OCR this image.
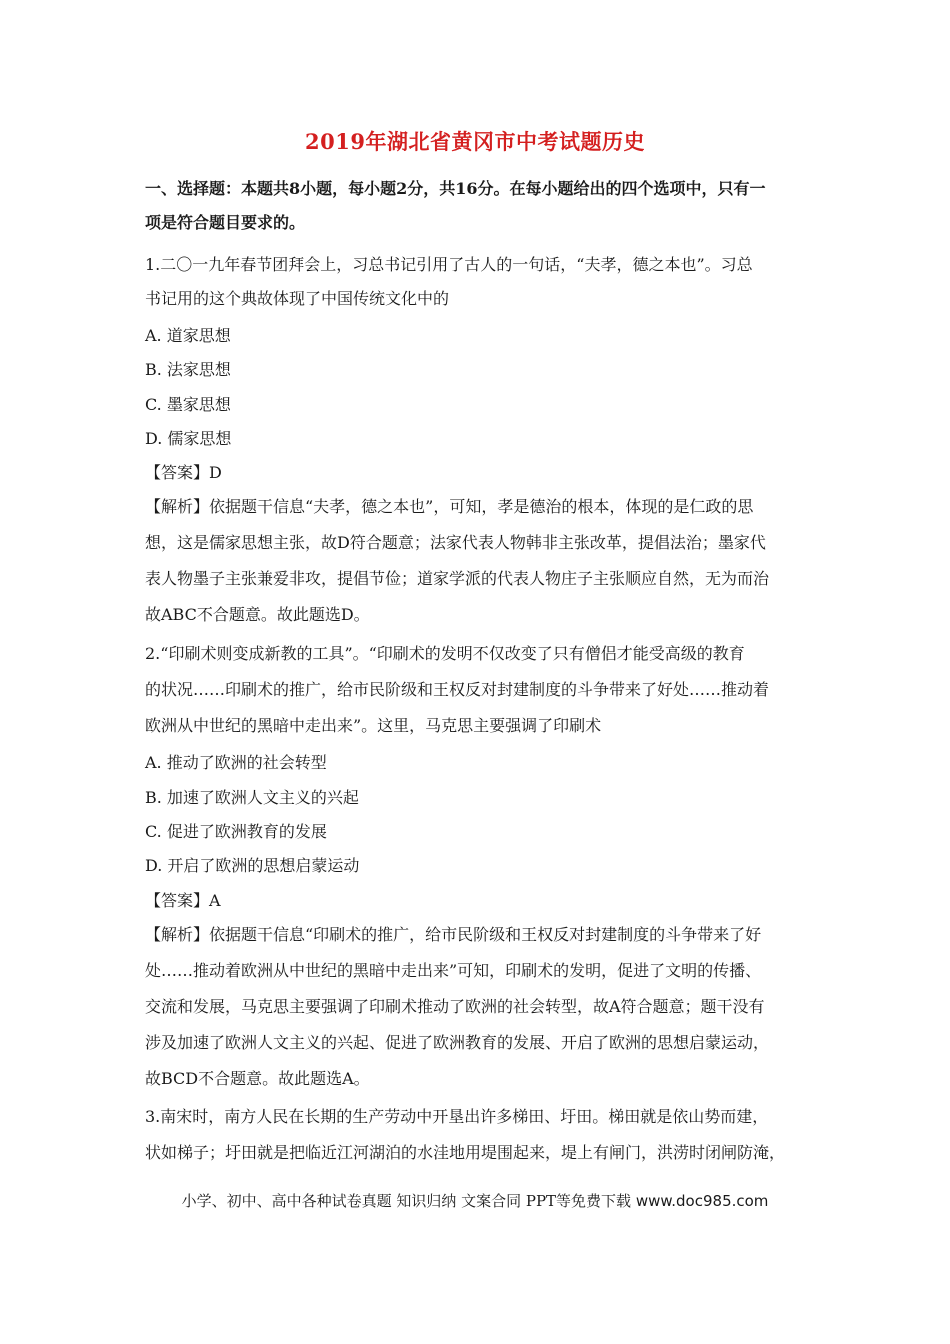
2019年湖北省黄冈市中考试题历史
一、选择题：本题共8小题，每小题2分，共16分。在每小题给出的四个选项中，只有一
项是符合题目要求的。
1.二〇一九年春节团拜会上，习总书记引用了古人的一句话，“夫孝，德之本也”。习总
书记用的这个典故体现了中国传统文化中的
A. 道家思想
B. 法家思想
C. 墨家思想
D. 儒家思想
【答案】D
【解析】依据题干信息“夫孝，德之本也”，可知，孝是德治的根本，体现的是仁政的思
想，这是儒家思想主张，故D符合题意；法家代表人物韩非主张改革，提倡法治；墨家代
表人物墨子主张兼爱非攻，提倡节俭；道家学派的代表人物庄子主张顺应自然，无为而治
故ABC不合题意。故此题选D。
2.“印刷术则变成新教的工具”。“印刷术的发明不仅改变了只有僧侣才能受高级的教育
的状况……印刷术的推广，给市民阶级和王权反对封建制度的斗争带来了好处……推动着
欧洲从中世纪的黑暗中走出来”。这里，马克思主要强调了印刷术
A. 推动了欧洲的社会转型
B. 加速了欧洲人文主义的兴起
C. 促进了欧洲教育的发展
D. 开启了欧洲的思想启蒙运动
【答案】A
【解析】依据题干信息“印刷术的推广，给市民阶级和王权反对封建制度的斗争带来了好
处……推动着欧洲从中世纪的黑暗中走出来”可知，印刷术的发明，促进了文明的传播、
交流和发展，马克思主要强调了印刷术推动了欧洲的社会转型，故A符合题意；题干没有
涉及加速了欧洲人文主义的兴起、促进了欧洲教育的发展、开启了欧洲的思想启蒙运动，
故BCD不合题意。故此题选A。
3.南宋时，南方人民在长期的生产劳动中开垦出许多梯田、圩田。梯田就是依山势而建，
状如梯子；圩田就是把临近江河湖泊的水洼地用堤围起来，堤上有闸门，洪涝时闭闸防淹，
小学、初中、高中各种试卷真题 知识归纳 文案合同 PPT等免费下载 www.doc985.com
